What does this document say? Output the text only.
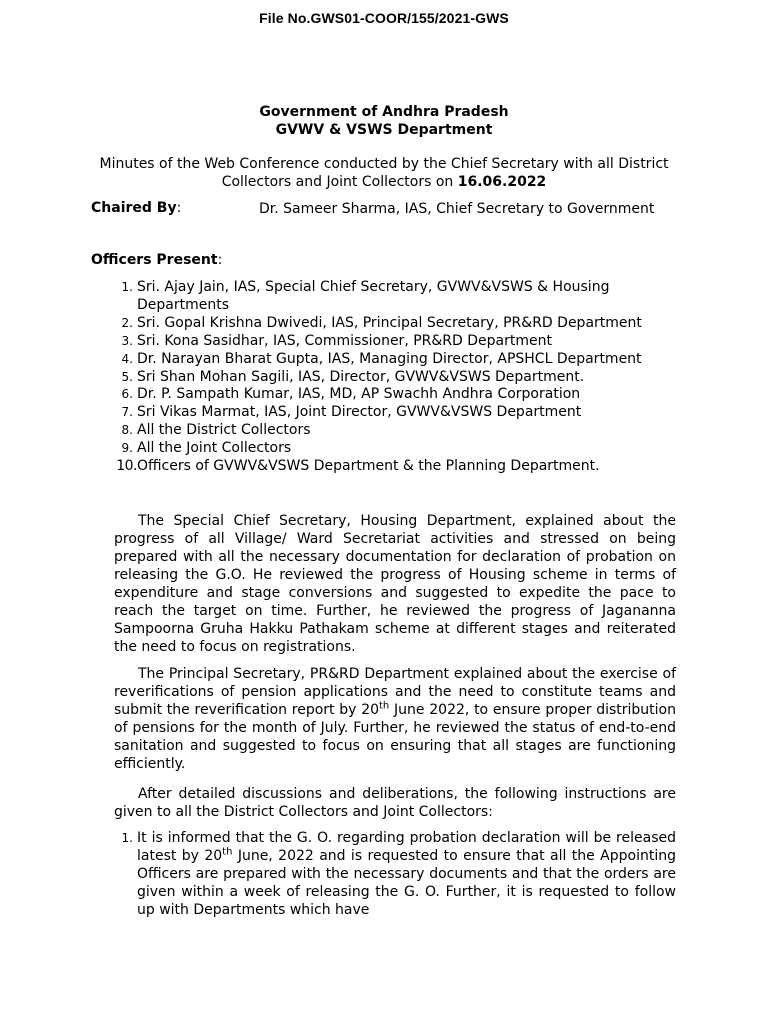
File No.GWS01-COOR/155/2021-GWS
Government of Andhra Pradesh
GVWV & VSWS Department
Minutes of the Web Conference conducted by the Chief Secretary with all District Collectors and Joint Collectors on 16.06.2022
Chaired By:	Dr. Sameer Sharma, IAS, Chief Secretary to Government
Officers Present:
1. Sri. Ajay Jain, IAS, Special Chief Secretary, GVWV&VSWS & Housing Departments
2. Sri. Gopal Krishna Dwivedi, IAS, Principal Secretary, PR&RD Department
3. Sri. Kona Sasidhar, IAS, Commissioner, PR&RD Department
4. Dr. Narayan Bharat Gupta, IAS, Managing Director, APSHCL Department
5. Sri Shan Mohan Sagili, IAS, Director, GVWV&VSWS Department.
6. Dr. P. Sampath Kumar, IAS, MD, AP Swachh Andhra Corporation
7. Sri Vikas Marmat, IAS, Joint Director, GVWV&VSWS Department
8. All the District Collectors
9. All the Joint Collectors
10. Officers of GVWV&VSWS Department & the Planning Department.
The Special Chief Secretary, Housing Department, explained about the progress of all Village/ Ward Secretariat activities and stressed on being prepared with all the necessary documentation for declaration of probation on releasing the G.O. He reviewed the progress of Housing scheme in terms of expenditure and stage conversions and suggested to expedite the pace to reach the target on time. Further, he reviewed the progress of Jagananna Sampoorna Gruha Hakku Pathakam scheme at different stages and reiterated the need to focus on registrations.
The Principal Secretary, PR&RD Department explained about the exercise of reverifications of pension applications and the need to constitute teams and submit the reverification report by 20th June 2022, to ensure proper distribution of pensions for the month of July. Further, he reviewed the status of end-to-end sanitation and suggested to focus on ensuring that all stages are functioning efficiently.
After detailed discussions and deliberations, the following instructions are given to all the District Collectors and Joint Collectors:
1. It is informed that the G. O. regarding probation declaration will be released latest by 20th June, 2022 and is requested to ensure that all the Appointing Officers are prepared with the necessary documents and that the orders are given within a week of releasing the G. O. Further, it is requested to follow up with Departments which have
